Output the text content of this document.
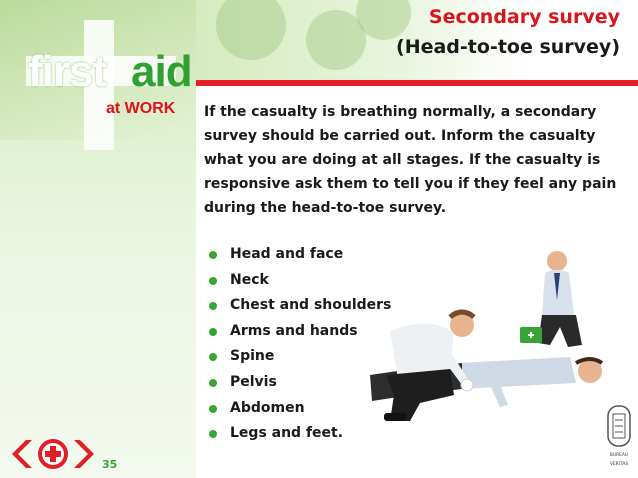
first aid
at WORK
Secondary survey
(Head-to-toe survey)
If the casualty is breathing normally, a secondary survey should be carried out. Inform the casualty what you are doing at all stages. If the casualty is responsive ask them to tell you if they feel any pain during the head-to-toe survey.
Head and face
Neck
Chest and shoulders
Arms and hands
Spine
Pelvis
Abdomen
Legs and feet.
35
BUREAU
VERITAS
